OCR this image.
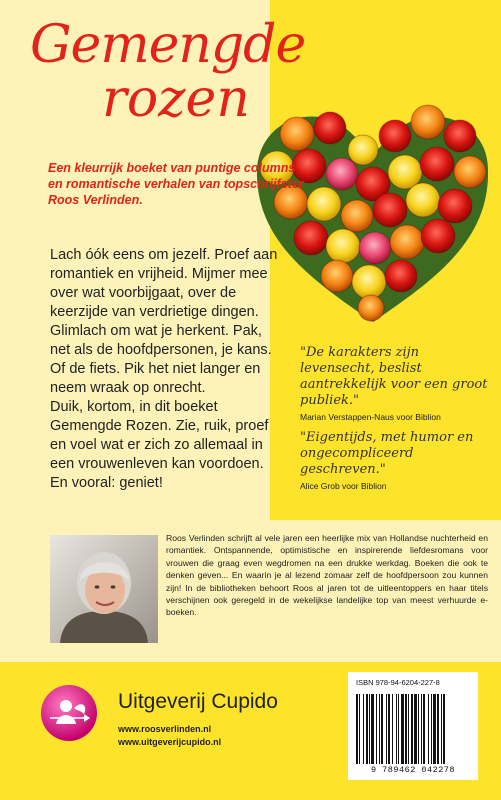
Gemengde
rozen

Een kleurrijk boeket van puntige columns en romantische verhalen van topschrijfster Roos Verlinden.

Lach óók eens om jezelf. Proef aan romantiek en vrijheid. Mijmer mee over wat voorbijgaat, over de keerzijde van verdrietige dingen. Glimlach om wat je herkent. Pak, net als de hoofdpersonen, je kans. Of de fiets. Pik het niet langer en neem wraak op onrecht.

Duik, kortom, in dit boeket Gemengde Rozen. Zie, ruik, proef en voel wat er zich zo allemaal in een vrouwenleven kan voordoen. En vooral: geniet!

"De karakters zijn levensecht, beslist aantrekkelijk voor een groot publiek."

Marian Verstappen-Naus voor Biblion

"Eigentijds, met humor en ongecompliceerd geschreven."

Alice Grob voor Biblion

Roos Verlinden schrijft al vele jaren een heerlijke mix van Hollandse nuchterheid en romantiek. Ontspannende, optimistische en inspirerende liefdesromans voor vrouwen die graag even wegdromen na een drukke werkdag. Boeken die ook te denken geven... En waarin je al lezend zomaar zelf de hoofdpersoon zou kunnen zijn! In de bibliotheken behoort Roos al jaren tot de uitleentoppers en haar titels verschijnen ook geregeld in de wekelijkse landelijke top van meest verhuurde e-boeken.

Uitgeverij Cupido

www.roosverlinden.nl
www.uitgeverijcupido.nl

ISBN 978-94-6204-227-8

9 789462 042278
